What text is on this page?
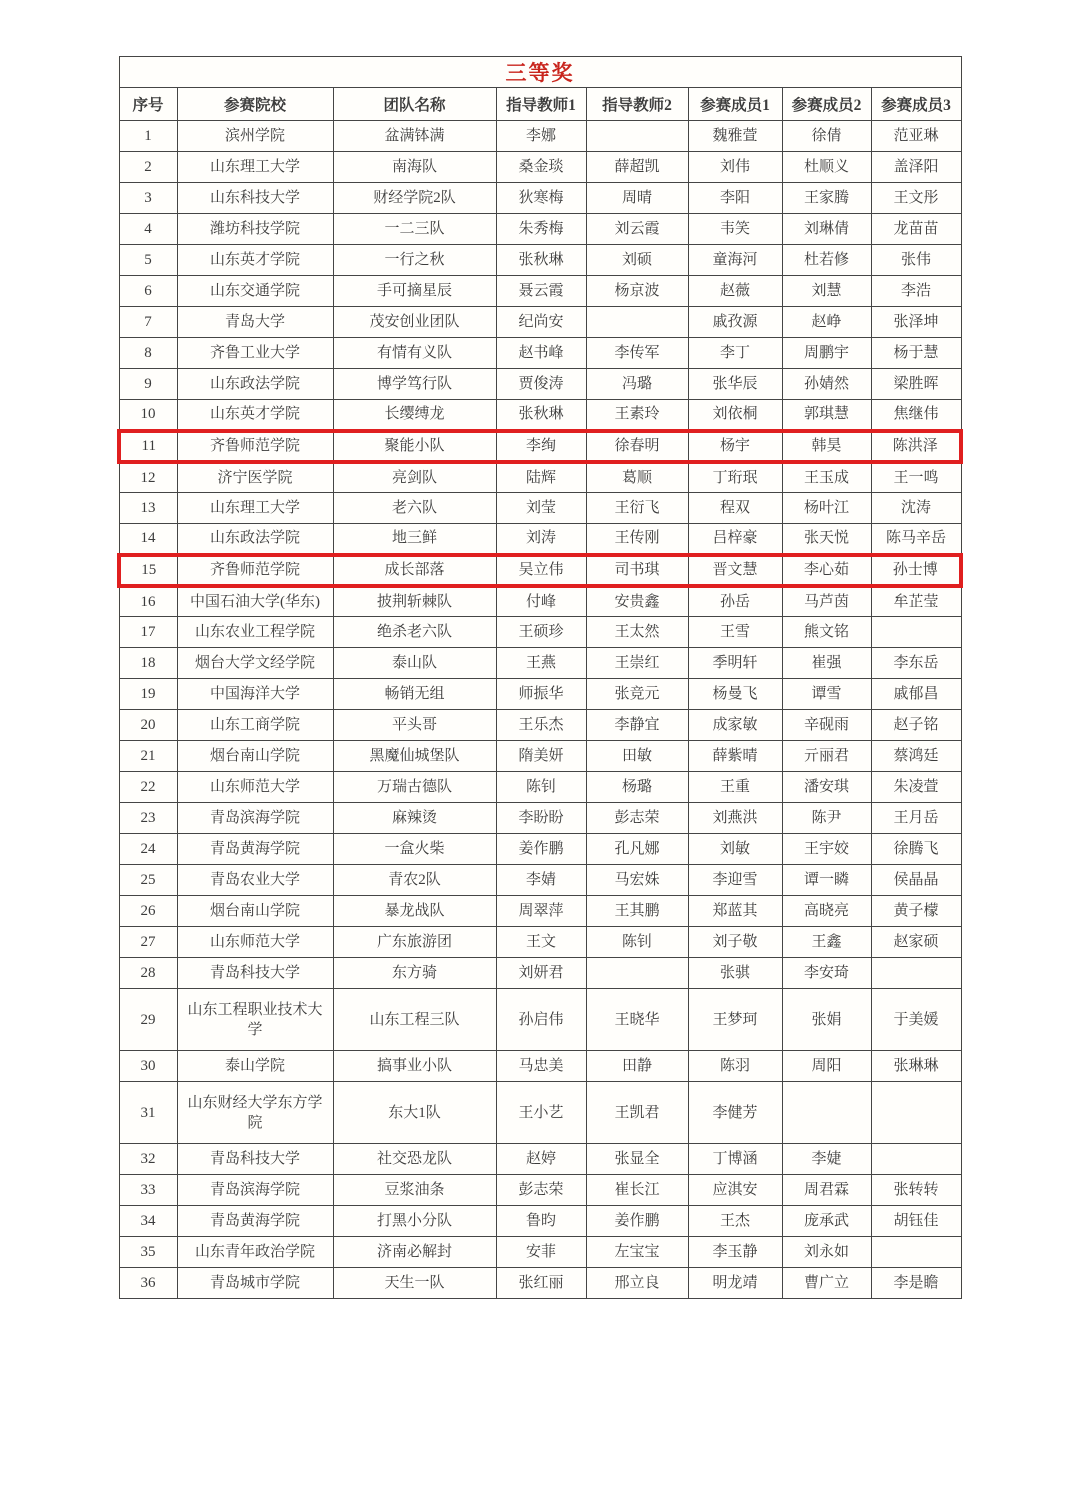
三等奖							
序号	参赛院校	团队名称	指导教师1	指导教师2	参赛成员1	参赛成员2	参赛成员3
1	滨州学院	盆满钵满	李娜		魏雅萱	徐倩	范亚琳
2	山东理工大学	南海队	桑金琰	薛超凯	刘伟	杜顺义	盖泽阳
3	山东科技大学	财经学院2队	狄寒梅	周晴	李阳	王家腾	王文彤
4	潍坊科技学院	一二三队	朱秀梅	刘云霞	韦笑	刘琳倩	龙苗苗
5	山东英才学院	一行之秋	张秋琳	刘硕	童海河	杜若修	张伟
6	山东交通学院	手可摘星辰	聂云霞	杨京波	赵薇	刘慧	李浩
7	青岛大学	茂安创业团队	纪尚安		戚孜源	赵峥	张泽坤
8	齐鲁工业大学	有情有义队	赵书峰	李传军	李丁	周鹏宇	杨于慧
9	山东政法学院	博学笃行队	贾俊涛	冯璐	张华辰	孙婧然	梁胜晖
10	山东英才学院	长缨缚龙	张秋琳	王素玲	刘依桐	郭琪慧	焦继伟
11	齐鲁师范学院	聚能小队	李绚	徐春明	杨宇	韩昊	陈洪泽
12	济宁医学院	亮剑队	陆辉	葛顺	丁珩珉	王玉成	王一鸣
13	山东理工大学	老六队	刘莹	王衍飞	程双	杨叶江	沈涛
14	山东政法学院	地三鲜	刘涛	王传刚	吕梓豪	张天悦	陈马辛岳
15	齐鲁师范学院	成长部落	吴立伟	司书琪	晋文慧	李心茹	孙士博
16	中国石油大学(华东)	披荆斩棘队	付峰	安贵鑫	孙岳	马芦茵	牟芷莹
17	山东农业工程学院	绝杀老六队	王硕珍	王太然	王雪	熊文铭	
18	烟台大学文经学院	泰山队	王燕	王崇红	季明轩	崔强	李东岳
19	中国海洋大学	畅销无组	师振华	张竞元	杨曼飞	谭雪	戚郁昌
20	山东工商学院	平头哥	王乐杰	李静宜	成家敏	辛砚雨	赵子铭
21	烟台南山学院	黑魔仙城堡队	隋美妍	田敏	薛紫晴	亓丽君	蔡鸿廷
22	山东师范大学	万瑞古德队	陈钊	杨璐	王重	潘安琪	朱凌萱
23	青岛滨海学院	麻辣烫	李盼盼	彭志荣	刘燕洪	陈尹	王月岳
24	青岛黄海学院	一盒火柴	姜作鹏	孔凡娜	刘敏	王宇姣	徐腾飞
25	青岛农业大学	青农2队	李婧	马宏姝	李迎雪	谭一瞵	侯晶晶
26	烟台南山学院	暴龙战队	周翠萍	王其鹏	郑蓝其	高晓亮	黄子檬
27	山东师范大学	广东旅游团	王文	陈钊	刘子敬	王鑫	赵家硕
28	青岛科技大学	东方骑	刘妍君		张骐	李安琦	
29	山东工程职业技术大学	山东工程三队	孙启伟	王晓华	王梦珂	张娟	于美媛
30	泰山学院	搞事业小队	马忠美	田静	陈羽	周阳	张琳琳
31	山东财经大学东方学院	东大1队	王小艺	王凯君	李健芳		
32	青岛科技大学	社交恐龙队	赵婷	张显全	丁博涵	李婕	
33	青岛滨海学院	豆浆油条	彭志荣	崔长江	应淇安	周君霖	张转转
34	青岛黄海学院	打黑小分队	鲁昀	姜作鹏	王杰	庞承武	胡钰佳
35	山东青年政治学院	济南必解封	安菲	左宝宝	李玉静	刘永如	
36	青岛城市学院	天生一队	张红丽	邢立良	明龙靖	曹广立	李是瞻
